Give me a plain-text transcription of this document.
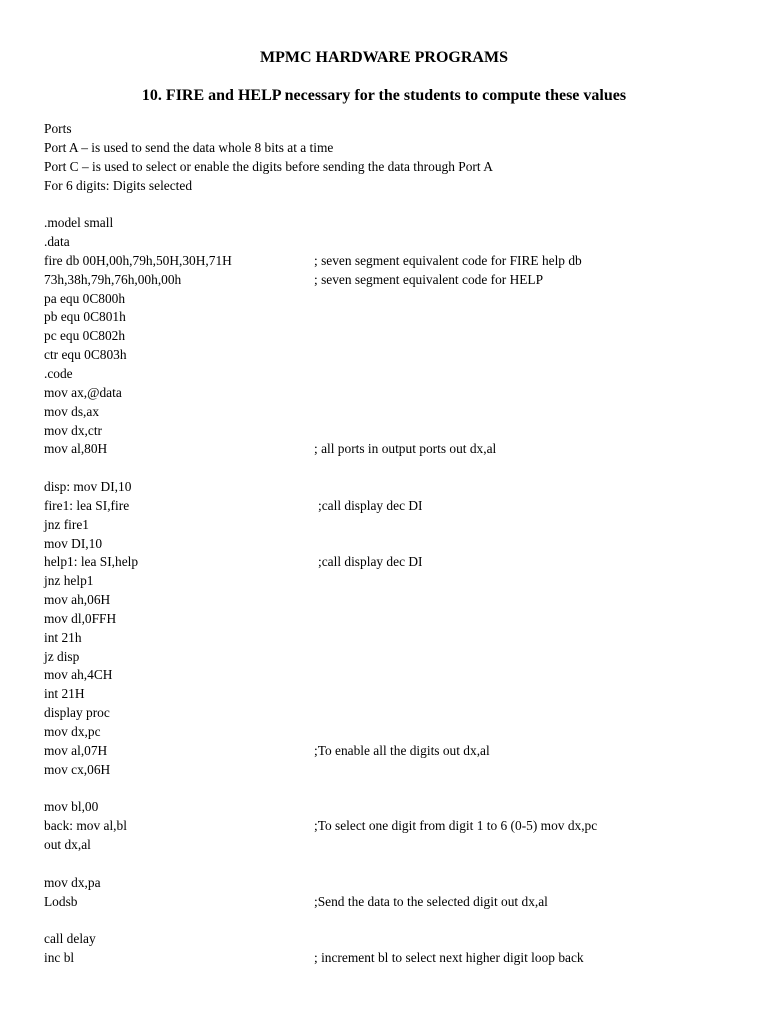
MPMC HARDWARE PROGRAMS
10. FIRE and HELP necessary for the students to compute these values
Ports
Port A – is used to send the data whole 8 bits at a time
Port C – is used to select or enable the digits before sending the data through Port A
For 6 digits: Digits selected
.model small
.data
fire db 00H,00h,79h,50H,30H,71H	; seven segment equivalent code for FIRE help db
73h,38h,79h,76h,00h,00h	; seven segment equivalent code for HELP
pa equ 0C800h
pb equ 0C801h
pc equ 0C802h
ctr equ 0C803h
.code
mov ax,@data
mov ds,ax
mov dx,ctr
mov al,80H	; all ports in output ports out dx,al
disp: mov DI,10
fire1: lea SI,fire	;call display dec DI
jnz fire1
mov DI,10
help1: lea SI,help	;call display dec DI
jnz help1
mov ah,06H
mov dl,0FFH
int 21h
jz disp
mov ah,4CH
int 21H
display proc
mov dx,pc
mov al,07H	;To enable all the digits out dx,al
mov cx,06H
mov bl,00
back: mov al,bl	;To select one digit from digit 1 to 6 (0-5) mov dx,pc
out dx,al
mov dx,pa
Lodsb	;Send the data to the selected digit out dx,al
call delay
inc bl	; increment bl to select next higher digit loop back
